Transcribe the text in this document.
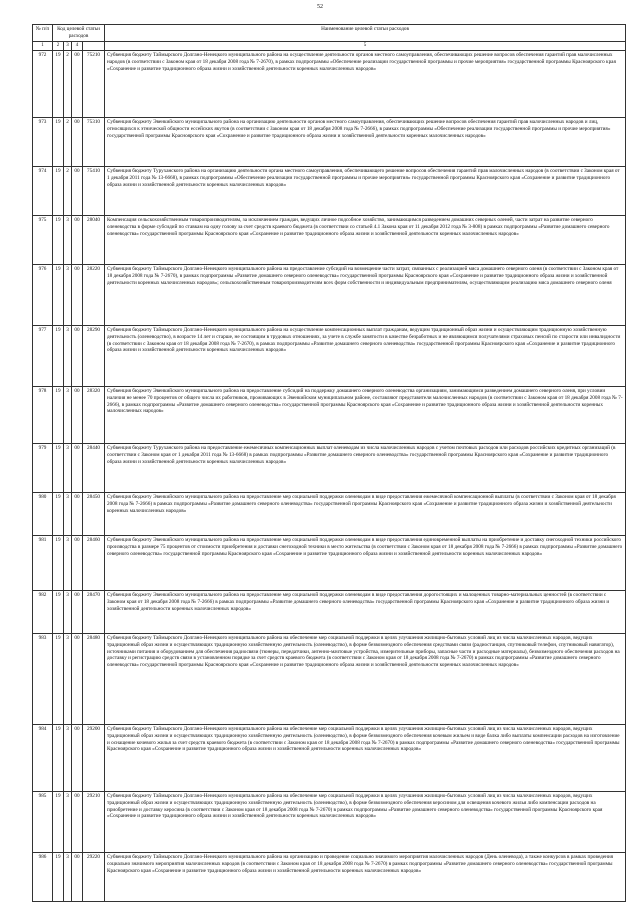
52
№ п/п	Код целевой статьи расходов				Наименование целевой статьи расходов

1	2	3	4		5
972	19	2	00	75210	Субвенция бюджету Таймырского Долгано-Ненецкого муниципального района на осуществление деятельности органов местного самоуправления, обеспечивающих решение вопросов обеспечения гарантий прав малочисленных народов (в соответствии с Законом края от 18 декабря 2008 года № 7-2670), в рамках подпрограммы «Обеспечение реализации государственной программы и прочие мероприятия» государственной программы Красноярского края «Сохранение и развитие традиционного образа жизни и хозяйственной деятельности коренных малочисленных народов»
973	19	2	00	75310	Субвенция бюджету Эвенкийского муниципального района на организацию деятельности органов местного самоуправления, обеспечивающих решение вопросов обеспечения гарантий прав малочисленных народов и лиц, относящихся к этнической общности ессейских якутов (в соответствии с Законом края от 18 декабря 2008 года № 7-2666), в рамках подпрограммы «Обеспечение реализации государственной программы и прочие мероприятия» государственной программы Красноярского края «Сохранение и развитие традиционного образа жизни и хозяйственной деятельности коренных малочисленных народов»
974	19	2	00	75410	Субвенция бюджету Туруханского района на организацию деятельности органа местного самоуправления, обеспечивающего решение вопросов обеспечения гарантий прав малочисленных народов (в соответствии с Законом края от 1 декабря 2011 года № 13-6668), в рамках подпрограммы «Обеспечение реализации государственной программы и прочие мероприятия» государственной программы Красноярского края «Сохранение и развитие традиционного образа жизни и хозяйственной деятельности коренных малочисленных народов»
975	19	3	00	28040	Компенсация сельскохозяйственным товаропроизводителям, за исключением граждан, ведущих личное подсобное хозяйство, занимающимся разведением домашних северных оленей, части затрат на развитие северного оленеводства в форме субсидий по ставкам на одну голову за счет средств краевого бюджета (в соответствии со статьей 4.1 Закона края от 11 декабря 2012 года № 3-808) в рамках подпрограммы «Развитие домашнего северного оленеводства» государственной программы Красноярского края «Сохранение и развитие традиционного образа жизни и хозяйственной деятельности коренных малочисленных народов»
976	19	3	00	28220	Субвенция бюджету Таймырского Долгано-Ненецкого муниципального района на предоставление субсидий на возмещение части затрат, связанных с реализацией мяса домашнего северного оленя (в соответствии с Законом края от 18 декабря 2008 года № 7-2670), в рамках подпрограммы «Развитие домашнего северного оленеводства» государственной программы Красноярского края «Сохранение и развитие традиционного образа жизни и хозяйственной деятельности коренных малочисленных народов»; сельскохозяйственным товаропроизводителям всех форм собственности и индивидуальным предпринимателям, осуществляющим реализацию мяса домашнего северного оленя
977	19	3	00	28290	Субвенция бюджету Таймырского Долгано-Ненецкого муниципального района на осуществление компенсационных выплат гражданам, ведущим традиционный образ жизни и осуществляющим традиционную хозяйственную деятельность (оленеводство), в возрасте 14 лет и старше, не состоящим в трудовых отношениях, за учете в службе занятости в качестве безработных и не являющимся получателями страховых пенсий по старости или инвалидности (в соответствии с Законом края от 18 декабря 2008 года № 7-2670), в рамках подпрограммы «Развитие домашнего северного оленеводства» государственной программы Красноярского края «Сохранение и развитие традиционного образа жизни и хозяйственной деятельности коренных малочисленных народов»
978	19	3	00	28320	Субвенция бюджету Эвенкийского муниципального района на предоставление субсидий на поддержку домашнего северного оленеводства организациям, занимающимся разведением домашнего северного оленя, при условии наличия не менее 70 процентов от общего числа их работников, проживающих в Эвенкийском муниципальном районе, составляют представители малочисленных народов (в соответствии с Законом края от 18 декабря 2008 года № 7-2666), в рамках подпрограммы «Развитие домашнего северного оленеводства» государственной программы Красноярского края «Сохранение и развитие традиционного образа жизни и хозяйственной деятельности коренных малочисленных народов»
979	19	3	00	28440	Субвенция бюджету Туруханского района на предоставление ежемесячных компенсационных выплат оленеводам из числа малочисленных народов с учетом почтовых расходов или расходов российских кредитных организаций (в соответствии с Законом края от 1 декабря 2011 года № 13-6668) в рамках подпрограммы «Развитие домашнего северного оленеводства» государственной программы Красноярского края «Сохранение и развитие традиционного образа жизни и хозяйственной деятельности коренных малочисленных народов»
980	19	3	00	28450	Субвенция бюджету Эвенкийского муниципального района на предоставление мер социальной поддержки оленеводам в виде предоставления ежемесячной компенсационной выплаты (в соответствии с Законом края от 18 декабря 2008 года № 7-2666) в рамках подпрограммы «Развитие домашнего северного оленеводства» государственной программы Красноярского края «Сохранение и развитие традиционного образа жизни и хозяйственной деятельности коренных малочисленных народов»
981	19	3	00	28460	Субвенция бюджету Эвенкийского муниципального района на предоставление мер социальной поддержки оленеводам в виде предоставления единовременной выплаты на приобретение и доставку снегоходной техники российского производства в размере 75 процентов от стоимости приобретения и доставки снегоходной техники в место жительства (в соответствии с Законом края от 18 декабря 2008 года № 7-2666) в рамках подпрограммы «Развитие домашнего северного оленеводства» государственной программы Красноярского края «Сохранение и развитие традиционного образа жизни и хозяйственной деятельности коренных малочисленных народов»
982	19	3	00	28470	Субвенция бюджету Эвенкийского муниципального района на предоставление мер социальной поддержки оленеводам в виде предоставления дорогостоящих и малоценных товарно-материальных ценностей (в соответствии с Законом края от 18 декабря 2008 года № 7-2666) в рамках подпрограммы «Развитие домашнего северного оленеводства» государственной программы Красноярского края «Сохранение и развитие традиционного образа жизни и хозяйственной деятельности коренных малочисленных народов»
983	19	3	00	28480	Субвенция бюджету Таймырского Долгано-Ненецкого муниципального района на обеспечение мер социальной поддержки в целях улучшения жилищно-бытовых условий лиц из числа малочисленных народов, ведущих традиционный образ жизни и осуществляющих традиционную хозяйственную деятельность (оленеводство), в форме безвозмездного обеспечения средствами связи (радиостанция, спутниковый телефон, спутниковый навигатор), источниками питания и оборудованием для обеспечения радиосвязи (тюнеры, передатчики, антенно-мачтовые устройства, измерительные приборы, запасные части и расходные материалы), безвозмездного обеспечения расходов на доставку и регистрацию средств связи в установленном порядке за счет средств краевого бюджета (в соответствии с Законом края от 18 декабря 2008 года № 7-2670) в рамках подпрограммы «Развитие домашнего северного оленеводства» государственной программы Красноярского края «Сохранение и развитие традиционного образа жизни и хозяйственной деятельности коренных малочисленных народов»
984	19	3	00	29200	Субвенция бюджету Таймырского Долгано-Ненецкого муниципального района на обеспечение мер социальной поддержки в целях улучшения жилищно-бытовых условий лиц из числа малочисленных народов, ведущих традиционный образ жизни и осуществляющих традиционную хозяйственную деятельность (оленеводство), в форме безвозмездного обеспечения кочевым жильем и виде балка либо выплаты компенсации расходов на изготовление и оснащение кочевого жилья за счет средств краевого бюджета (в соответствии с Законом края от 18 декабря 2008 года № 7-2670) в рамках подпрограммы «Развитие домашнего северного оленеводства» государственной программы Красноярского края «Сохранение и развитие традиционного образа жизни и хозяйственной деятельности коренных малочисленных народов»
985	19	3	00	29210	Субвенция бюджету Таймырского Долгано-Ненецкого муниципального района на обеспечение мер социальной поддержки в целях улучшения жилищно-бытовых условий лиц из числа малочисленных народов, ведущих традиционный образ жизни и осуществляющих традиционную хозяйственную деятельность (оленеводство), в форме безвозмездного обеспечения керосином для освещения кочевого жилья либо компенсации расходов на приобретение и доставку керосина (в соответствии с Законом края от 18 декабря 2008 года № 7-2670) в рамках подпрограммы «Развитие домашнего северного оленеводства» государственной программы Красноярского края «Сохранение и развитие традиционного образа жизни и хозяйственной деятельности коренных малочисленных народов»
986	19	3	00	29220	Субвенция бюджету Таймырского Долгано-Ненецкого муниципального района на организацию и проведение социально значимого мероприятия малочисленных народов (День оленевода), а также конкурсов в рамках проведения социально значимого мероприятия малочисленных народов (в соответствии с Законом края от 18 декабря 2008 года № 7-2670) в рамках подпрограммы «Развитие домашнего северного оленеводства» государственной программы Красноярского края «Сохранение и развитие традиционного образа жизни и хозяйственной деятельности коренных малочисленных народов»
